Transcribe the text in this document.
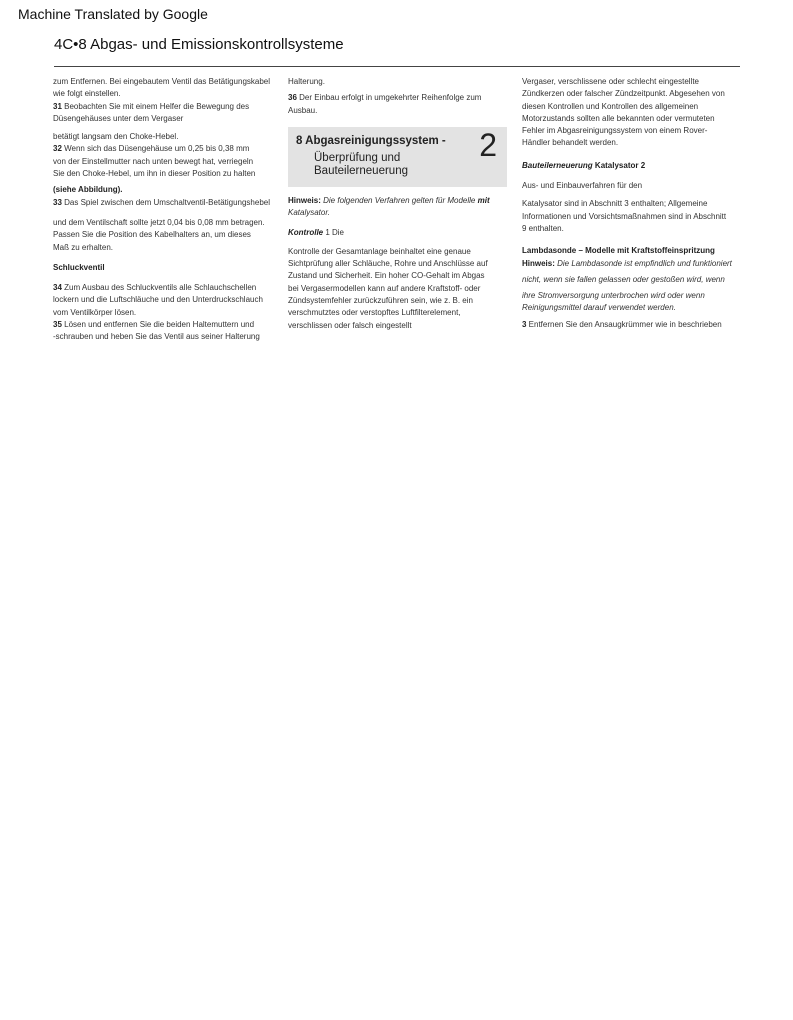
Machine Translated by Google
4C•8 Abgas- und Emissionskontrollsysteme

zum Entfernen. Bei eingebautem Ventil das Betätigungskabel

wie folgt einstellen.

31 Beobachten Sie mit einem Helfer die Bewegung des

Düsengehäuses unter dem Vergaser

betätigt langsam den Choke-Hebel.

32 Wenn sich das Düsengehäuse um 0,25 bis 0,38 mm

von der Einstellmutter nach unten bewegt hat, verriegeln

Sie den Choke-Hebel, um ihn in dieser Position zu halten

(siehe Abbildung).

33 Das Spiel zwischen dem Umschaltventil-Betätigungshebel

und dem Ventilschaft sollte jetzt 0,04 bis 0,08 mm betragen.

Passen Sie die Position des Kabelhalters an, um dieses

Maß zu erhalten.

Schluckventil

34 Zum Ausbau des Schluckventils alle Schlauchschellen

lockern und die Luftschläuche und den Unterdruckschlauch

vom Ventilkörper lösen.

35 Lösen und entfernen Sie die beiden Haltemuttern und

-schrauben und heben Sie das Ventil aus seiner Halterung

Halterung.

36 Der Einbau erfolgt in umgekehrter Reihenfolge zum

Ausbau.

8 Abgasreinigungssystem -
Überprüfung und
Bauteilerneuerung
2

Hinweis: Die folgenden Verfahren gelten für Modelle mit

Katalysator.

Kontrolle 1 Die

Kontrolle der Gesamtanlage beinhaltet eine genaue

Sichtprüfung aller Schläuche, Rohre und Anschlüsse auf

Zustand und Sicherheit. Ein hoher CO-Gehalt im Abgas

bei Vergasermodellen kann auf andere Kraftstoff- oder

Zündsystemfehler zurückzuführen sein, wie z. B. ein

verschmutztes oder verstopftes Luftfilterelement,

verschlissen oder falsch eingestellt

Vergaser, verschlissene oder schlecht eingestellte

Zündkerzen oder falscher Zündzeitpunkt. Abgesehen von

diesen Kontrollen und Kontrollen des allgemeinen

Motorzustands sollten alle bekannten oder vermuteten

Fehler im Abgasreinigungssystem von einem Rover-

Händler behandelt werden.

Bauteilerneuerung Katalysator 2

Aus- und Einbauverfahren für den

Katalysator sind in Abschnitt 3 enthalten; Allgemeine

Informationen und Vorsichtsmaßnahmen sind in Abschnitt

9 enthalten.

Lambdasonde – Modelle mit Kraftstoffeinspritzung

Hinweis: Die Lambdasonde ist empfindlich und funktioniert

nicht, wenn sie fallen gelassen oder gestoßen wird, wenn

ihre Stromversorgung unterbrochen wird oder wenn

Reinigungsmittel darauf verwendet werden.

3 Entfernen Sie den Ansaugkrümmer wie in beschrieben
